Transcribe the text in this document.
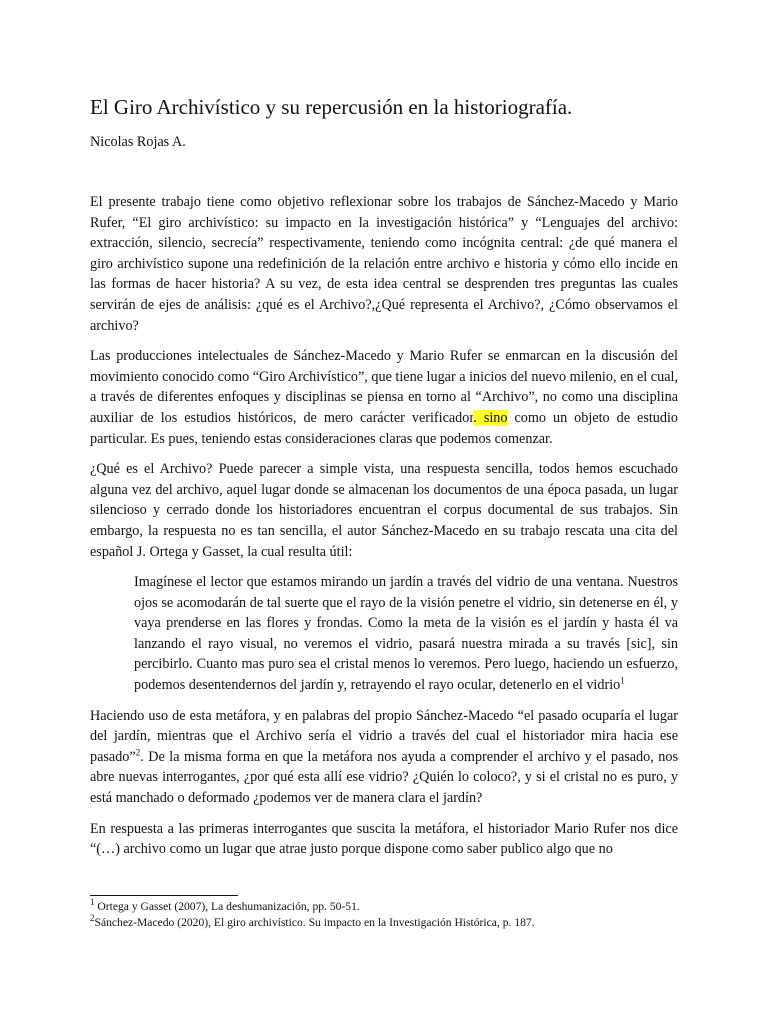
El Giro Archivístico y su repercusión en la historiografía.

Nicolas Rojas A.

El presente trabajo tiene como objetivo reflexionar sobre los trabajos de Sánchez-Macedo y Mario Rufer, “El giro archivístico: su impacto en la investigación histórica” y “Lenguajes del archivo: extracción, silencio, secrecía” respectivamente, teniendo como incógnita central: ¿de qué manera el giro archivístico supone una redefinición de la relación entre archivo e historia y cómo ello incide en las formas de hacer historia? A su vez, de esta idea central se desprenden tres preguntas las cuales servirán de ejes de análisis: ¿qué es el Archivo?,¿Qué representa el Archivo?, ¿Cómo observamos el archivo?

Las producciones intelectuales de Sánchez-Macedo y Mario Rufer se enmarcan en la discusión del movimiento conocido como “Giro Archivístico”, que tiene lugar a inicios del nuevo milenio, en el cual, a través de diferentes enfoques y disciplinas se piensa en torno al “Archivo”, no como una disciplina auxiliar de los estudios históricos, de mero carácter verificador. sino como un objeto de estudio particular. Es pues, teniendo estas consideraciones claras que podemos comenzar.

¿Qué es el Archivo? Puede parecer a simple vista, una respuesta sencilla, todos hemos escuchado alguna vez del archivo, aquel lugar donde se almacenan los documentos de una época pasada, un lugar silencioso y cerrado donde los historiadores encuentran el corpus documental de sus trabajos. Sin embargo, la respuesta no es tan sencilla, el autor Sánchez-Macedo en su trabajo rescata una cita del español J. Ortega y Gasset, la cual resulta útil:

Imagínese el lector que estamos mirando un jardín a través del vidrio de una ventana. Nuestros ojos se acomodarán de tal suerte que el rayo de la visión penetre el vidrio, sin detenerse en él, y vaya prenderse en las flores y frondas. Como la meta de la visión es el jardín y hasta él va lanzando el rayo visual, no veremos el vidrio, pasará nuestra mirada a su través [sic], sin percibirlo. Cuanto mas puro sea el cristal menos lo veremos. Pero luego, haciendo un esfuerzo, podemos desentendernos del jardín y, retrayendo el rayo ocular, detenerlo en el vidrio$^1$

Haciendo uso de esta metáfora, y en palabras del propio Sánchez-Macedo “el pasado ocuparía el lugar del jardín, mientras que el Archivo sería el vidrio a través del cual el historiador mira hacia ese pasado”$^2$. De la misma forma en que la metáfora nos ayuda a comprender el archivo y el pasado, nos abre nuevas interrogantes, ¿por qué esta allí ese vidrio? ¿Quién lo coloco?, y si el cristal no es puro, y está manchado o deformado ¿podemos ver de manera clara el jardín?

En respuesta a las primeras interrogantes que suscita la metáfora, el historiador Mario Rufer nos dice “(…) archivo como un lugar que atrae justo porque dispone como saber publico algo que no

$^1$ Ortega y Gasset (2007), La deshumanización, pp. 50-51.

$^2$Sánchez-Macedo (2020), El giro archivístico. Su impacto en la Investigación Histórica, p. 187.
